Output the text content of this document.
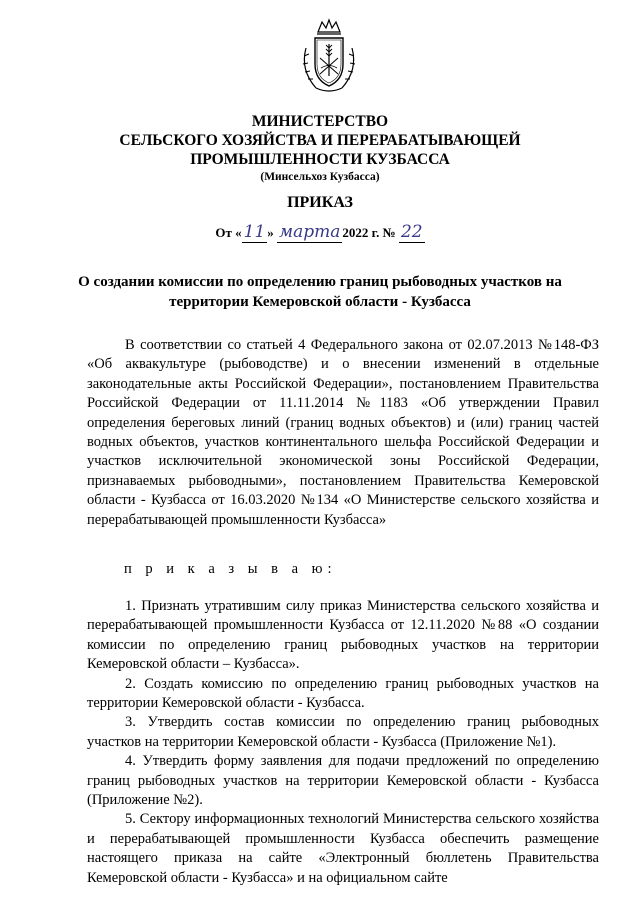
МИНИСТЕРСТВО
СЕЛЬСКОГО ХОЗЯЙСТВА И ПЕРЕРАБАТЫВАЮЩЕЙ
ПРОМЫШЛЕННОСТИ КУЗБАССА
(Минсельхоз Кузбасса)
ПРИКАЗ
От « 11 » марта 2022 г. № 22
О создании комиссии по определению границ рыбоводных участков на
территории Кемеровской области - Кузбасса

В соответствии со статьей 4 Федерального закона от 02.07.2013 №148-ФЗ «Об аквакультуре (рыбоводстве) и о внесении изменений в отдельные законодательные акты Российской Федерации», постановлением Правительства Российской Федерации от 11.11.2014 №1183 «Об утверждении Правил определения береговых линий (границ водных объектов) и (или) границ частей водных объектов, участков континентального шельфа Российской Федерации и участков исключительной экономической зоны Российской Федерации, признаваемых рыбоводными», постановлением Правительства Кемеровской области - Кузбасса от 16.03.2020 №134 «О Министерстве сельского хозяйства и перерабатывающей промышленности Кузбасса»

п р и к а з ы в а ю:

1. Признать утратившим силу приказ Министерства сельского хозяйства и перерабатывающей промышленности Кузбасса от 12.11.2020 №88 «О создании комиссии по определению границ рыбоводных участков на территории Кемеровской области – Кузбасса».

2. Создать комиссию по определению границ рыбоводных участков на территории Кемеровской области - Кузбасса.

3. Утвердить состав комиссии по определению границ рыбоводных участков на территории Кемеровской области - Кузбасса (Приложение №1).

4. Утвердить форму заявления для подачи предложений по определению границ рыбоводных участков на территории Кемеровской области - Кузбасса (Приложение №2).

5. Сектору информационных технологий Министерства сельского хозяйства и перерабатывающей промышленности Кузбасса обеспечить размещение настоящего приказа на сайте «Электронный бюллетень Правительства Кемеровской области - Кузбасса» и на официальном сайте
